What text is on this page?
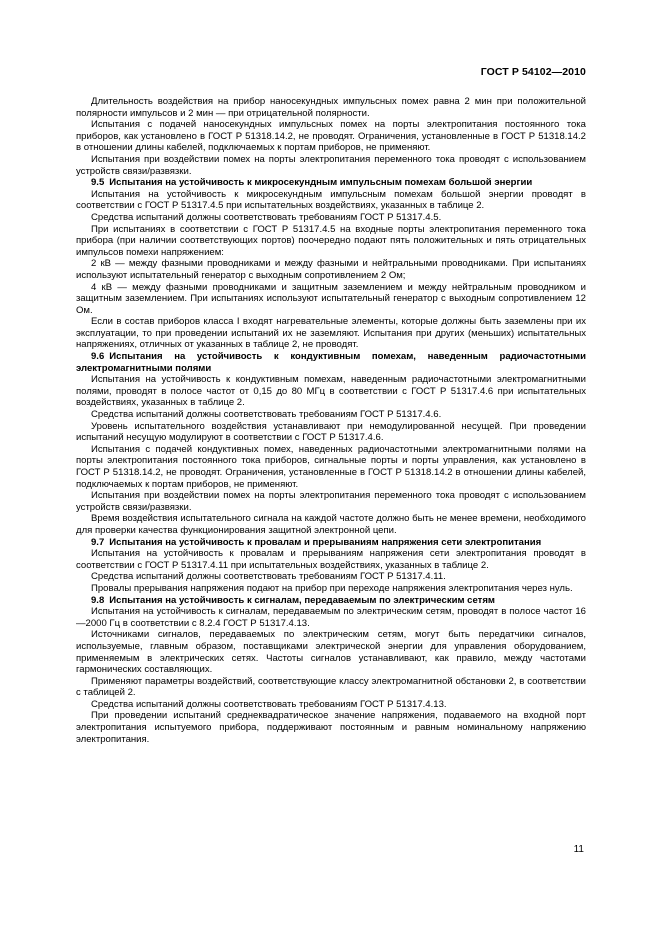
ГОСТ Р 54102—2010

Длительность воздействия на прибор наносекундных импульсных помех равна 2 мин при положительной полярности импульсов и 2 мин — при отрицательной полярности.

Испытания с подачей наносекундных импульсных помех на порты электропитания постоянного тока приборов, как установлено в ГОСТ Р 51318.14.2, не проводят. Ограничения, установленные в ГОСТ Р 51318.14.2 в отношении длины кабелей, подключаемых к портам приборов, не применяют.

Испытания при воздействии помех на порты электропитания переменного тока проводят с использованием устройств связи/развязки.

9.5 Испытания на устойчивость к микросекундным импульсным помехам большой энергии

Испытания на устойчивость к микросекундным импульсным помехам большой энергии проводят в соответствии с ГОСТ Р 51317.4.5 при испытательных воздействиях, указанных в таблице 2.

Средства испытаний должны соответствовать требованиям ГОСТ Р 51317.4.5.

При испытаниях в соответствии с ГОСТ Р 51317.4.5 на входные порты электропитания переменного тока прибора (при наличии соответствующих портов) поочередно подают пять положительных и пять отрицательных импульсов помехи напряжением:

2 кВ — между фазными проводниками и между фазными и нейтральными проводниками. При испытаниях используют испытательный генератор с выходным сопротивлением 2 Ом;

4 кВ — между фазными проводниками и защитным заземлением и между нейтральным проводником и защитным заземлением. При испытаниях используют испытательный генератор с выходным сопротивлением 12 Ом.

Если в состав приборов класса I входят нагревательные элементы, которые должны быть заземлены при их эксплуатации, то при проведении испытаний их не заземляют. Испытания при других (меньших) испытательных напряжениях, отличных от указанных в таблице 2, не проводят.

9.6 Испытания на устойчивость к кондуктивным помехам, наведенным радиочастотными электромагнитными полями

Испытания на устойчивость к кондуктивным помехам, наведенным радиочастотными электромагнитными полями, проводят в полосе частот от 0,15 до 80 МГц в соответствии с ГОСТ Р 51317.4.6 при испытательных воздействиях, указанных в таблице 2.

Средства испытаний должны соответствовать требованиям ГОСТ Р 51317.4.6.

Уровень испытательного воздействия устанавливают при немодулированной несущей. При проведении испытаний несущую модулируют в соответствии с ГОСТ Р 51317.4.6.

Испытания с подачей кондуктивных помех, наведенных радиочастотными электромагнитными полями на порты электропитания постоянного тока приборов, сигнальные порты и порты управления, как установлено в ГОСТ Р 51318.14.2, не проводят. Ограничения, установленные в ГОСТ Р 51318.14.2 в отношении длины кабелей, подключаемых к портам приборов, не применяют.

Испытания при воздействии помех на порты электропитания переменного тока проводят с использованием устройств связи/развязки.

Время воздействия испытательного сигнала на каждой частоте должно быть не менее времени, необходимого для проверки качества функционирования защитной электронной цепи.

9.7 Испытания на устойчивость к провалам и прерываниям напряжения сети электропитания

Испытания на устойчивость к провалам и прерываниям напряжения сети электропитания проводят в соответствии с ГОСТ Р 51317.4.11 при испытательных воздействиях, указанных в таблице 2.

Средства испытаний должны соответствовать требованиям ГОСТ Р 51317.4.11.

Провалы прерывания напряжения подают на прибор при переходе напряжения электропитания через нуль.

9.8 Испытания на устойчивость к сигналам, передаваемым по электрическим сетям

Испытания на устойчивость к сигналам, передаваемым по электрическим сетям, проводят в полосе частот 16—2000 Гц в соответствии с 8.2.4 ГОСТ Р 51317.4.13.

Источниками сигналов, передаваемых по электрическим сетям, могут быть передатчики сигналов, используемые, главным образом, поставщиками электрической энергии для управления оборудованием, применяемым в электрических сетях. Частоты сигналов устанавливают, как правило, между частотами гармонических составляющих.

Применяют параметры воздействий, соответствующие классу электромагнитной обстановки 2, в соответствии с таблицей 2.

Средства испытаний должны соответствовать требованиям ГОСТ Р 51317.4.13.

При проведении испытаний среднеквадратическое значение напряжения, подаваемого на входной порт электропитания испытуемого прибора, поддерживают постоянным и равным номинальному напряжению электропитания.

11
